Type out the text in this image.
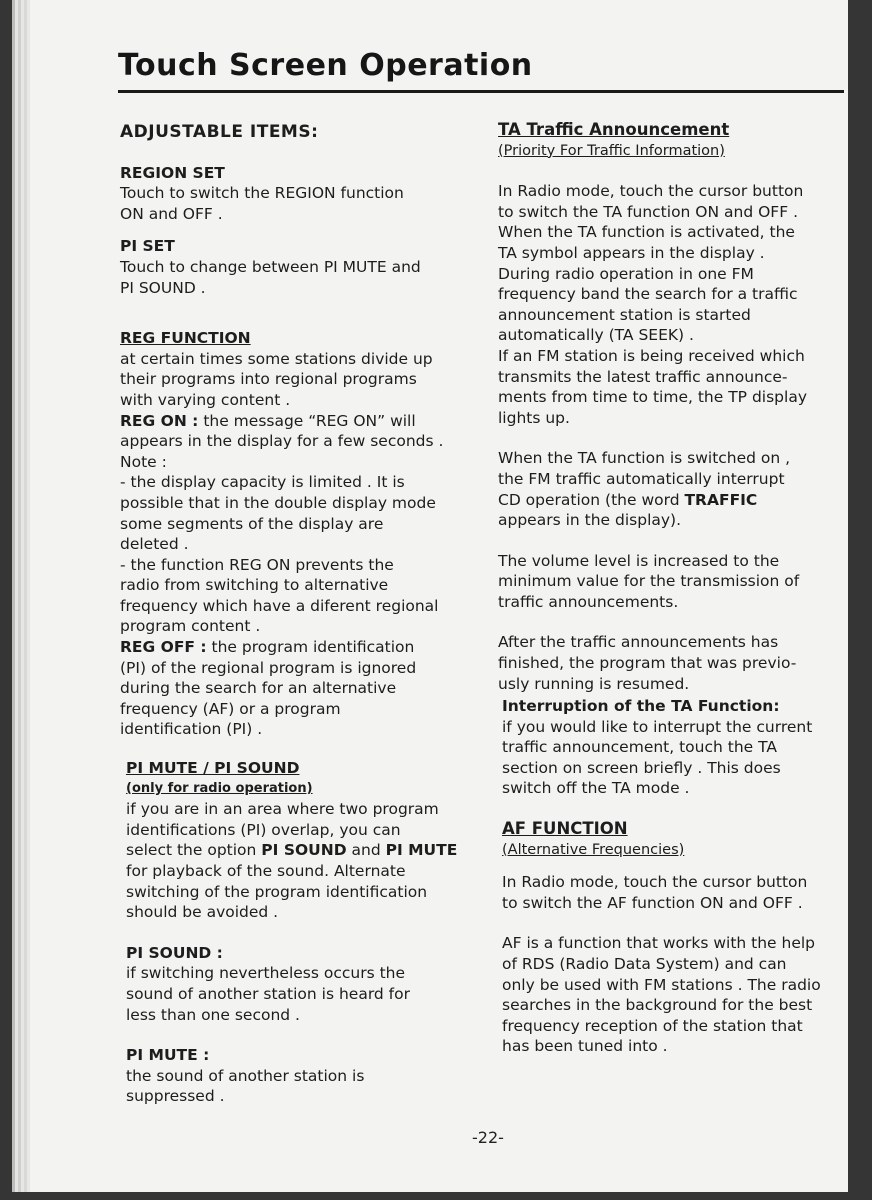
Touch Screen Operation

ADJUSTABLE ITEMS:

REGION SET

Touch to switch the REGION function

ON and OFF .

PI SET

Touch to change between PI MUTE and

PI SOUND .

REG FUNCTION

at certain times some stations divide up

their programs into regional programs

with varying content .

REG ON : the message “REG ON” will

appears in the display for a few seconds .

Note :

- the display capacity is limited . It is

possible that in the double display mode

some segments of the display are

deleted .

- the function REG ON prevents the

radio from switching to alternative

frequency which have a diferent regional

program content .

REG OFF : the program identification

(PI) of the regional program is ignored

during the search for an alternative

frequency (AF) or a program

identification (PI) .

PI MUTE / PI SOUND

(only for radio operation)

if you are in an area where two program

identifications (PI) overlap, you can

select the option PI SOUND and PI MUTE

for playback of the sound. Alternate

switching of the program identification

should be avoided .

PI SOUND :

if switching nevertheless occurs the

sound of another station is heard for

less than one second .

PI MUTE :

the sound of another station is

suppressed .

TA Traffic Announcement

(Priority For Traffic Information)

In Radio mode, touch the cursor button

to switch the TA function ON and OFF .

When the TA function is activated, the

TA symbol appears in the display .

During radio operation in one FM

frequency band the search for a traffic

announcement station is started

automatically (TA SEEK) .

If an FM station is being received which

transmits the latest traffic announce-

ments from time to time, the TP display

lights up.

When the TA function is switched on ,

the FM traffic automatically interrupt

CD operation (the word TRAFFIC

appears in the display).

The volume level is increased to the

minimum value for the transmission of

traffic announcements.

After the traffic announcements has

finished, the program that was previo-

usly running is resumed.

Interruption of the TA Function:

if you would like to interrupt the current

traffic announcement, touch the TA

section on screen briefly . This does

switch off the TA mode .

AF FUNCTION

(Alternative Frequencies)

In Radio mode, touch the cursor button

to switch the AF function ON and OFF .

AF is a function that works with the help

of RDS (Radio Data System) and can

only be used with FM stations . The radio

searches in the background for the best

frequency reception of the station that

has been tuned into .

-22-
